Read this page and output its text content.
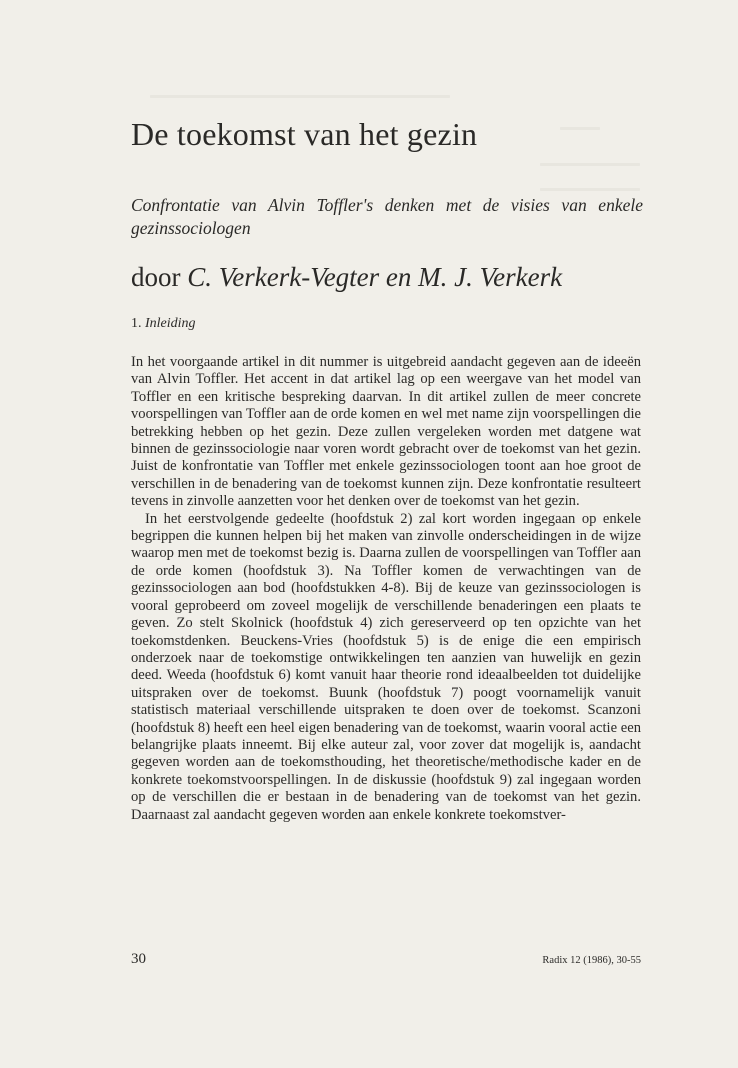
De toekomst van het gezin

Confrontatie van Alvin Toffler's denken met de visies van enkele gezinssociologen

door C. Verkerk-Vegter en M. J. Verkerk

1. Inleiding

In het voorgaande artikel in dit nummer is uitgebreid aandacht gegeven aan de ideeën van Alvin Toffler. Het accent in dat artikel lag op een weergave van het model van Toffler en een kritische bespreking daarvan. In dit artikel zullen de meer concrete voorspellingen van Toffler aan de orde komen en wel met name zijn voorspellingen die betrekking hebben op het gezin. Deze zullen vergeleken worden met datgene wat binnen de gezinssociologie naar voren wordt gebracht over de toekomst van het gezin. Juist de konfrontatie van Toffler met enkele gezinssociologen toont aan hoe groot de verschillen in de benadering van de toekomst kunnen zijn. Deze konfrontatie resulteert tevens in zinvolle aanzetten voor het denken over de toekomst van het gezin.

In het eerstvolgende gedeelte (hoofdstuk 2) zal kort worden ingegaan op enkele begrippen die kunnen helpen bij het maken van zinvolle onderscheidingen in de wijze waarop men met de toekomst bezig is. Daarna zullen de voorspellingen van Toffler aan de orde komen (hoofdstuk 3). Na Toffler komen de verwachtingen van de gezinssociologen aan bod (hoofdstukken 4-8). Bij de keuze van gezinssociologen is vooral geprobeerd om zoveel mogelijk de verschillende benaderingen een plaats te geven. Zo stelt Skolnick (hoofdstuk 4) zich gereserveerd op ten opzichte van het toekomstdenken. Beuckens-Vries (hoofdstuk 5) is de enige die een empirisch onderzoek naar de toekomstige ontwikkelingen ten aanzien van huwelijk en gezin deed. Weeda (hoofdstuk 6) komt vanuit haar theorie rond ideaalbeelden tot duidelijke uitspraken over de toekomst. Buunk (hoofdstuk 7) poogt voornamelijk vanuit statistisch materiaal verschillende uitspraken te doen over de toekomst. Scanzoni (hoofdstuk 8) heeft een heel eigen benadering van de toekomst, waarin vooral actie een belangrijke plaats inneemt. Bij elke auteur zal, voor zover dat mogelijk is, aandacht gegeven worden aan de toekomsthouding, het theoretische/methodische kader en de konkrete toekomstvoorspellingen. In de diskussie (hoofdstuk 9) zal ingegaan worden op de verschillen die er bestaan in de benadering van de toekomst van het gezin. Daarnaast zal aandacht gegeven worden aan enkele konkrete toekomstver-

30	Radix 12 (1986), 30-55
